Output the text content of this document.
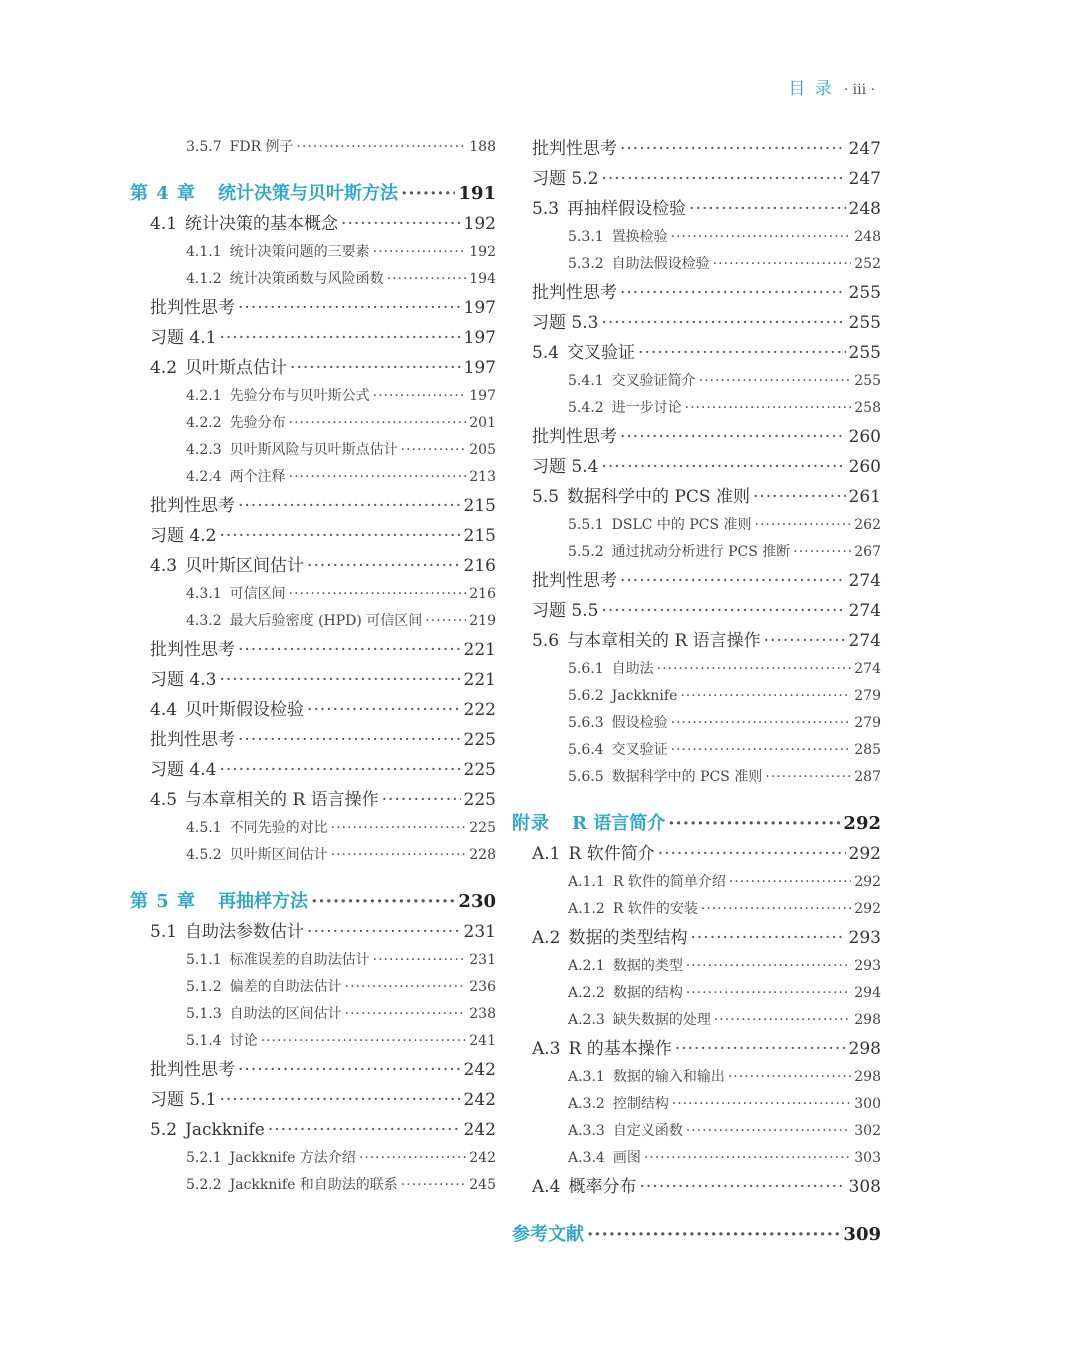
目 录 · iii ·
3.5.7 FDR 例子 ·····	188
第 4 章 统计决策与贝叶斯方法 ·····	191
4.1 统计决策的基本概念 ·····	192
4.1.1 统计决策问题的三要素 ·····	192
4.1.2 统计决策函数与风险函数 ·····	194
批判性思考 ·····	197
习题 4.1 ·····	197
4.2 贝叶斯点估计 ·····	197
4.2.1 先验分布与贝叶斯公式 ·····	197
4.2.2 先验分布 ·····	201
4.2.3 贝叶斯风险与贝叶斯点估计 ·····	205
4.2.4 两个注释 ·····	213
批判性思考 ·····	215
习题 4.2 ·····	215
4.3 贝叶斯区间估计 ·····	216
4.3.1 可信区间 ·····	216
4.3.2 最大后验密度 (HPD) 可信区间 ·····	219
批判性思考 ·····	221
习题 4.3 ·····	221
4.4 贝叶斯假设检验 ·····	222
批判性思考 ·····	225
习题 4.4 ·····	225
4.5 与本章相关的 R 语言操作 ·····	225
4.5.1 不同先验的对比 ·····	225
4.5.2 贝叶斯区间估计 ·····	228
第 5 章 再抽样方法 ·····	230
5.1 自助法参数估计 ·····	231
5.1.1 标准误差的自助法估计 ·····	231
5.1.2 偏差的自助法估计 ·····	236
5.1.3 自助法的区间估计 ·····	238
5.1.4 讨论 ·····	241
批判性思考 ·····	242
习题 5.1 ·····	242
5.2 Jackknife ·····	242
5.2.1 Jackknife 方法介绍 ·····	242
5.2.2 Jackknife 和自助法的联系 ·····	245
批判性思考 ·····	247
习题 5.2 ·····	247
5.3 再抽样假设检验 ·····	248
5.3.1 置换检验 ·····	248
5.3.2 自助法假设检验 ·····	252
批判性思考 ·····	255
习题 5.3 ·····	255
5.4 交叉验证 ·····	255
5.4.1 交叉验证简介 ·····	255
5.4.2 进一步讨论 ·····	258
批判性思考 ·····	260
习题 5.4 ·····	260
5.5 数据科学中的 PCS 准则 ·····	261
5.5.1 DSLC 中的 PCS 准则 ·····	262
5.5.2 通过扰动分析进行 PCS 推断 ·····	267
批判性思考 ·····	274
习题 5.5 ·····	274
5.6 与本章相关的 R 语言操作 ·····	274
5.6.1 自助法 ·····	274
5.6.2 Jackknife ·····	279
5.6.3 假设检验 ·····	279
5.6.4 交叉验证 ·····	285
5.6.5 数据科学中的 PCS 准则 ·····	287
附录 R 语言简介 ·····	292
A.1 R 软件简介 ·····	292
A.1.1 R 软件的简单介绍 ·····	292
A.1.2 R 软件的安装 ·····	292
A.2 数据的类型结构 ·····	293
A.2.1 数据的类型 ·····	293
A.2.2 数据的结构 ·····	294
A.2.3 缺失数据的处理 ·····	298
A.3 R 的基本操作 ·····	298
A.3.1 数据的输入和输出 ·····	298
A.3.2 控制结构 ·····	300
A.3.3 自定义函数 ·····	302
A.3.4 画图 ·····	303
A.4 概率分布 ·····	308
参考文献 ·····	309
